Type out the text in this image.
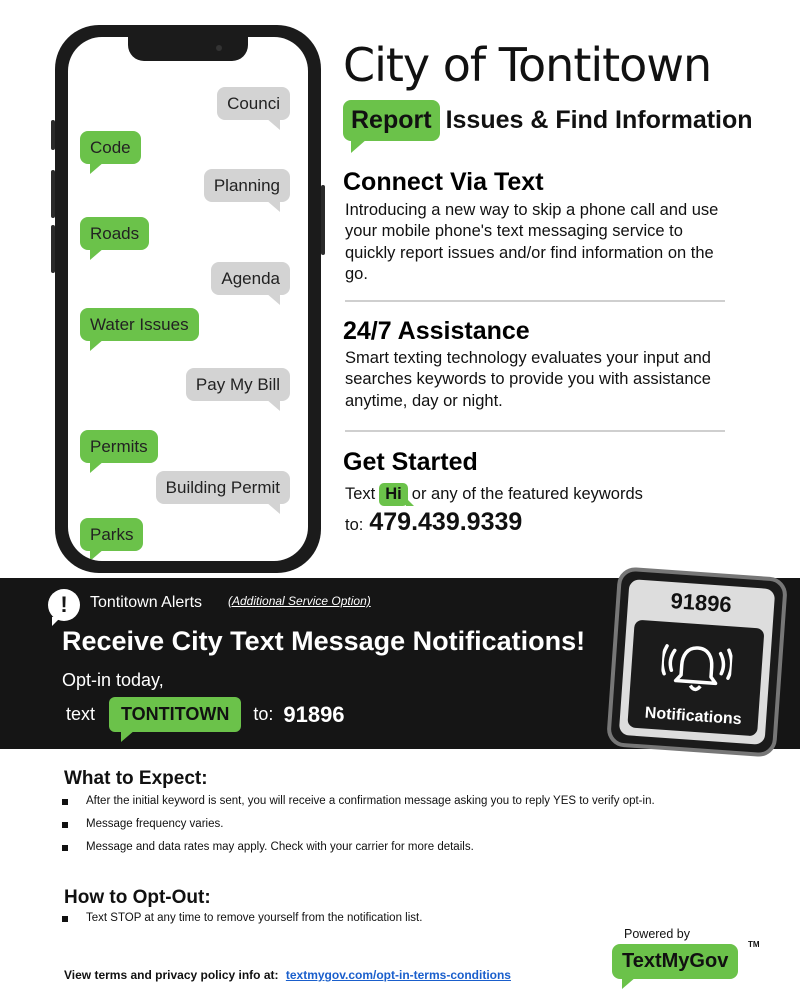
Counci
Code
Planning
Roads
Agenda
Water Issues
Pay My Bill
Permits
Building Permit
Parks
City of Tontitown
Report Issues & Find Information
Connect Via Text
Introducing a new way to skip a phone call and use your mobile phone's text messaging service to quickly report issues and/or find information on the go.
24/7 Assistance
Smart texting technology evaluates your input and searches keywords to provide you with assistance anytime, day or night.
Get Started
Text Hi or any of the featured keywords
to: 479.439.9339
!	Tontitown Alerts (Additional Service Option)
Receive City Text Message Notifications!
Opt-in today,
text	TONTITOWN	to: 91896
91896
Notifications
What to Expect:
After the initial keyword is sent, you will receive a confirmation message asking you to reply YES to verify opt-in.
Message frequency varies.
Message and data rates may apply. Check with your carrier for more details.
How to Opt-Out:
Text STOP at any time to remove yourself from the notification list.
View terms and privacy policy info at: textmygov.com/opt-in-terms-conditions
Powered by
TextMyGov
TM
